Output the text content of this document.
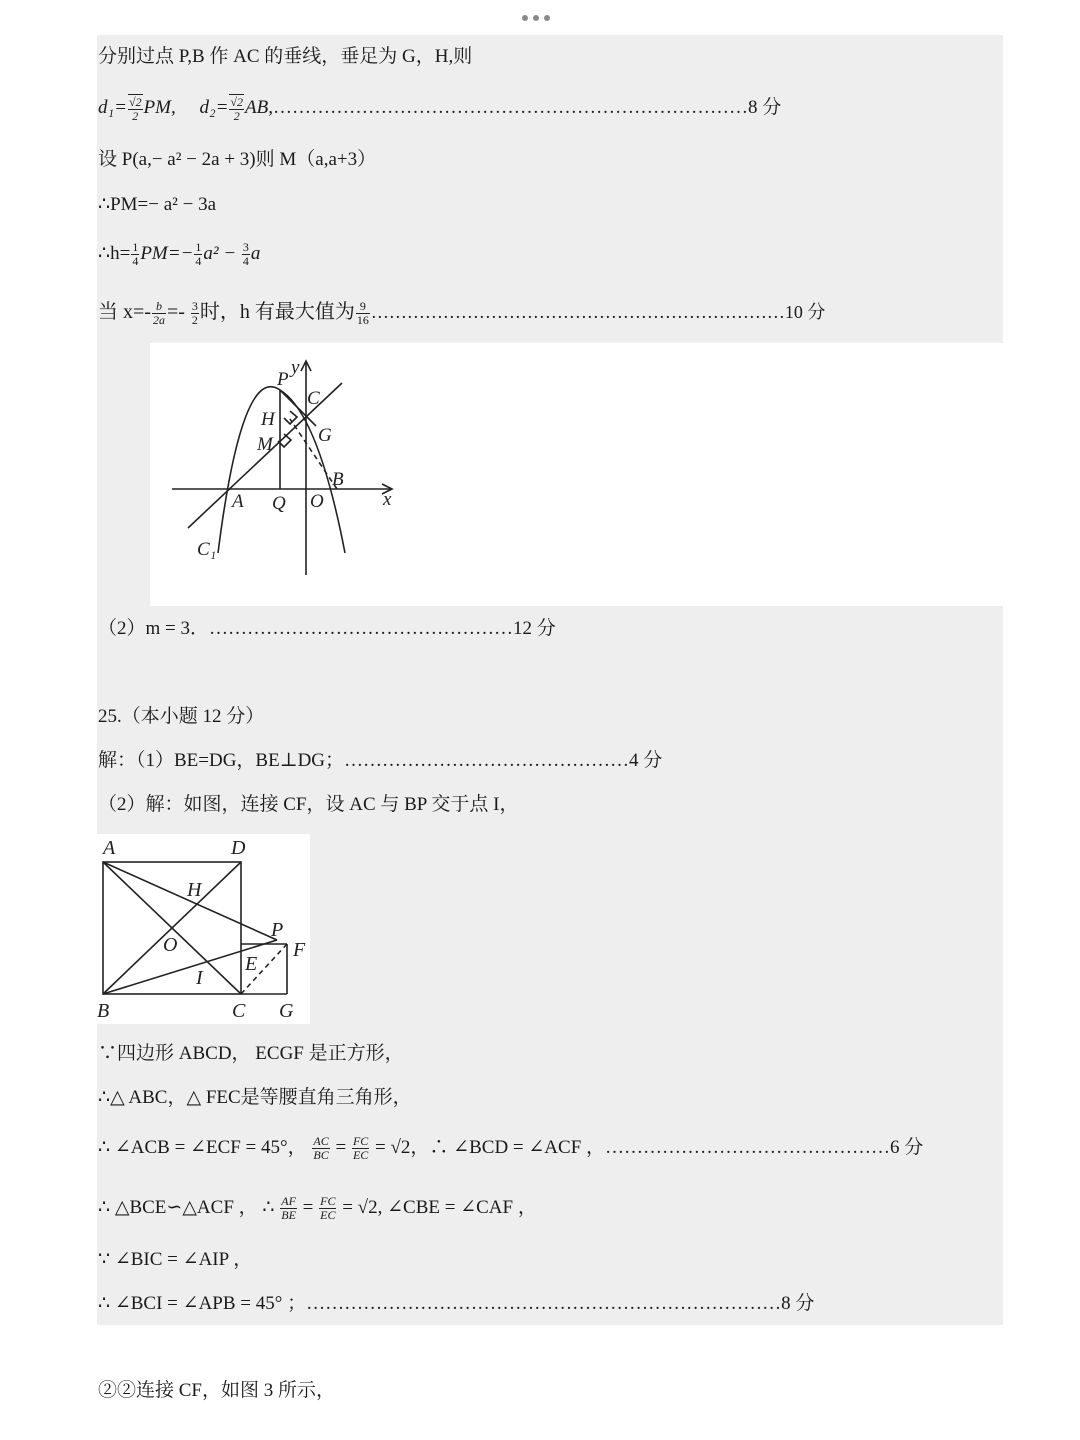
分别过点 P,B 作 AC 的垂线，垂足为 G，H,则
$d_1= \frac{√2}{2}$ PM, $d_2= \frac{√2}{2}$ AB,…………………………………………………………………8 分
设 P(a,− a² − 2a + 3)则 M（a,a+3）
∴PM=− a² − 3a
∴h= $\frac{1}{4} PM=- \frac{1}{4} a^2 - \frac{3}{4}$ a
当 $x=- \frac{b}{2a} =- \frac{3}{2}$ 时，h 有最大值为 $\frac{9}{16}$ ……………………………………………………………10 分
y
P
C
H
G
M
B
A Q O	x
C₁
（2）m = 3．…………………………………………12 分
25.（本小题 12 分）
解：（1）BE=DG，BE⊥DG；………………………………………4 分
（2）解：如图，连接 CF，设 AC 与 BP 交于点 I，
A	D
H
O
P
F
E
I
B	C G
∵四边形 ABCD， ECGF 是正方形，
∴△ ABC，△ FEC是等腰直角三角形，
∴ ∠ACB = ∠ECF = 45°， $\frac{AC}{BC} = \frac{FC}{EC} = √2$，∴ ∠BCD = ∠ACF ，………………………………………6 分
∴ △BCE∽△ACF ， ∴ $\frac{AF}{BE} = \frac{FC}{EC} = √2$, ∠CBE = ∠CAF ，
∵ ∠BIC = ∠AIP ，
∴ ∠BCI = ∠APB = 45° ；…………………………………………………………………8 分
②②连接 CF，如图 3 所示，
